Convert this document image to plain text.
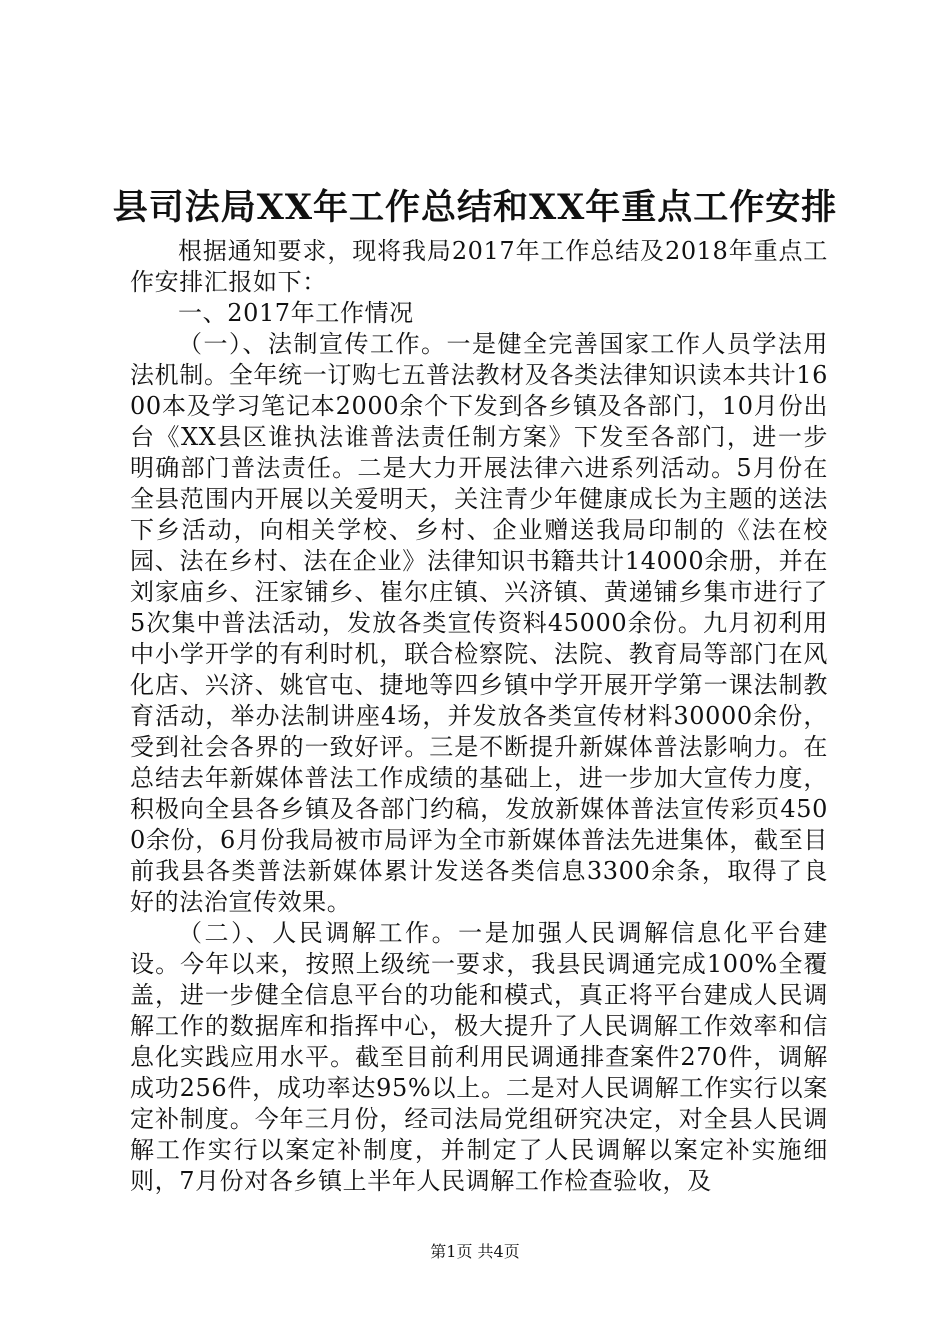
县司法局XX年工作总结和XX年重点工作安排

根据通知要求，现将我局2017年工作总结及2018年重点工作安排汇报如下：

一、2017年工作情况

（一）、法制宣传工作。一是健全完善国家工作人员学法用法机制。全年统一订购七五普法教材及各类法律知识读本共计1600本及学习笔记本2000余个下发到各乡镇及各部门，10月份出台《XX县区谁执法谁普法责任制方案》下发至各部门，进一步明确部门普法责任。二是大力开展法律六进系列活动。5月份在全县范围内开展以关爱明天，关注青少年健康成长为主题的送法下乡活动，向相关学校、乡村、企业赠送我局印制的《法在校园、法在乡村、法在企业》法律知识书籍共计14000余册，并在刘家庙乡、汪家铺乡、崔尔庄镇、兴济镇、黄递铺乡集市进行了5次集中普法活动，发放各类宣传资料45000余份。九月初利用中小学开学的有利时机，联合检察院、法院、教育局等部门在风化店、兴济、姚官屯、捷地等四乡镇中学开展开学第一课法制教育活动，举办法制讲座4场，并发放各类宣传材料30000余份，受到社会各界的一致好评。三是不断提升新媒体普法影响力。在总结去年新媒体普法工作成绩的基础上，进一步加大宣传力度，积极向全县各乡镇及各部门约稿，发放新媒体普法宣传彩页4500余份，6月份我局被市局评为全市新媒体普法先进集体，截至目前我县各类普法新媒体累计发送各类信息3300余条，取得了良好的法治宣传效果。

（二）、人民调解工作。一是加强人民调解信息化平台建设。今年以来，按照上级统一要求，我县民调通完成100%全覆盖，进一步健全信息平台的功能和模式，真正将平台建成人民调解工作的数据库和指挥中心，极大提升了人民调解工作效率和信息化实践应用水平。截至目前利用民调通排查案件270件，调解成功256件，成功率达95%以上。二是对人民调解工作实行以案定补制度。今年三月份，经司法局党组研究决定，对全县人民调解工作实行以案定补制度，并制定了人民调解以案定补实施细则，7月份对各乡镇上半年人民调解工作检查验收，及

第1页 共4页
